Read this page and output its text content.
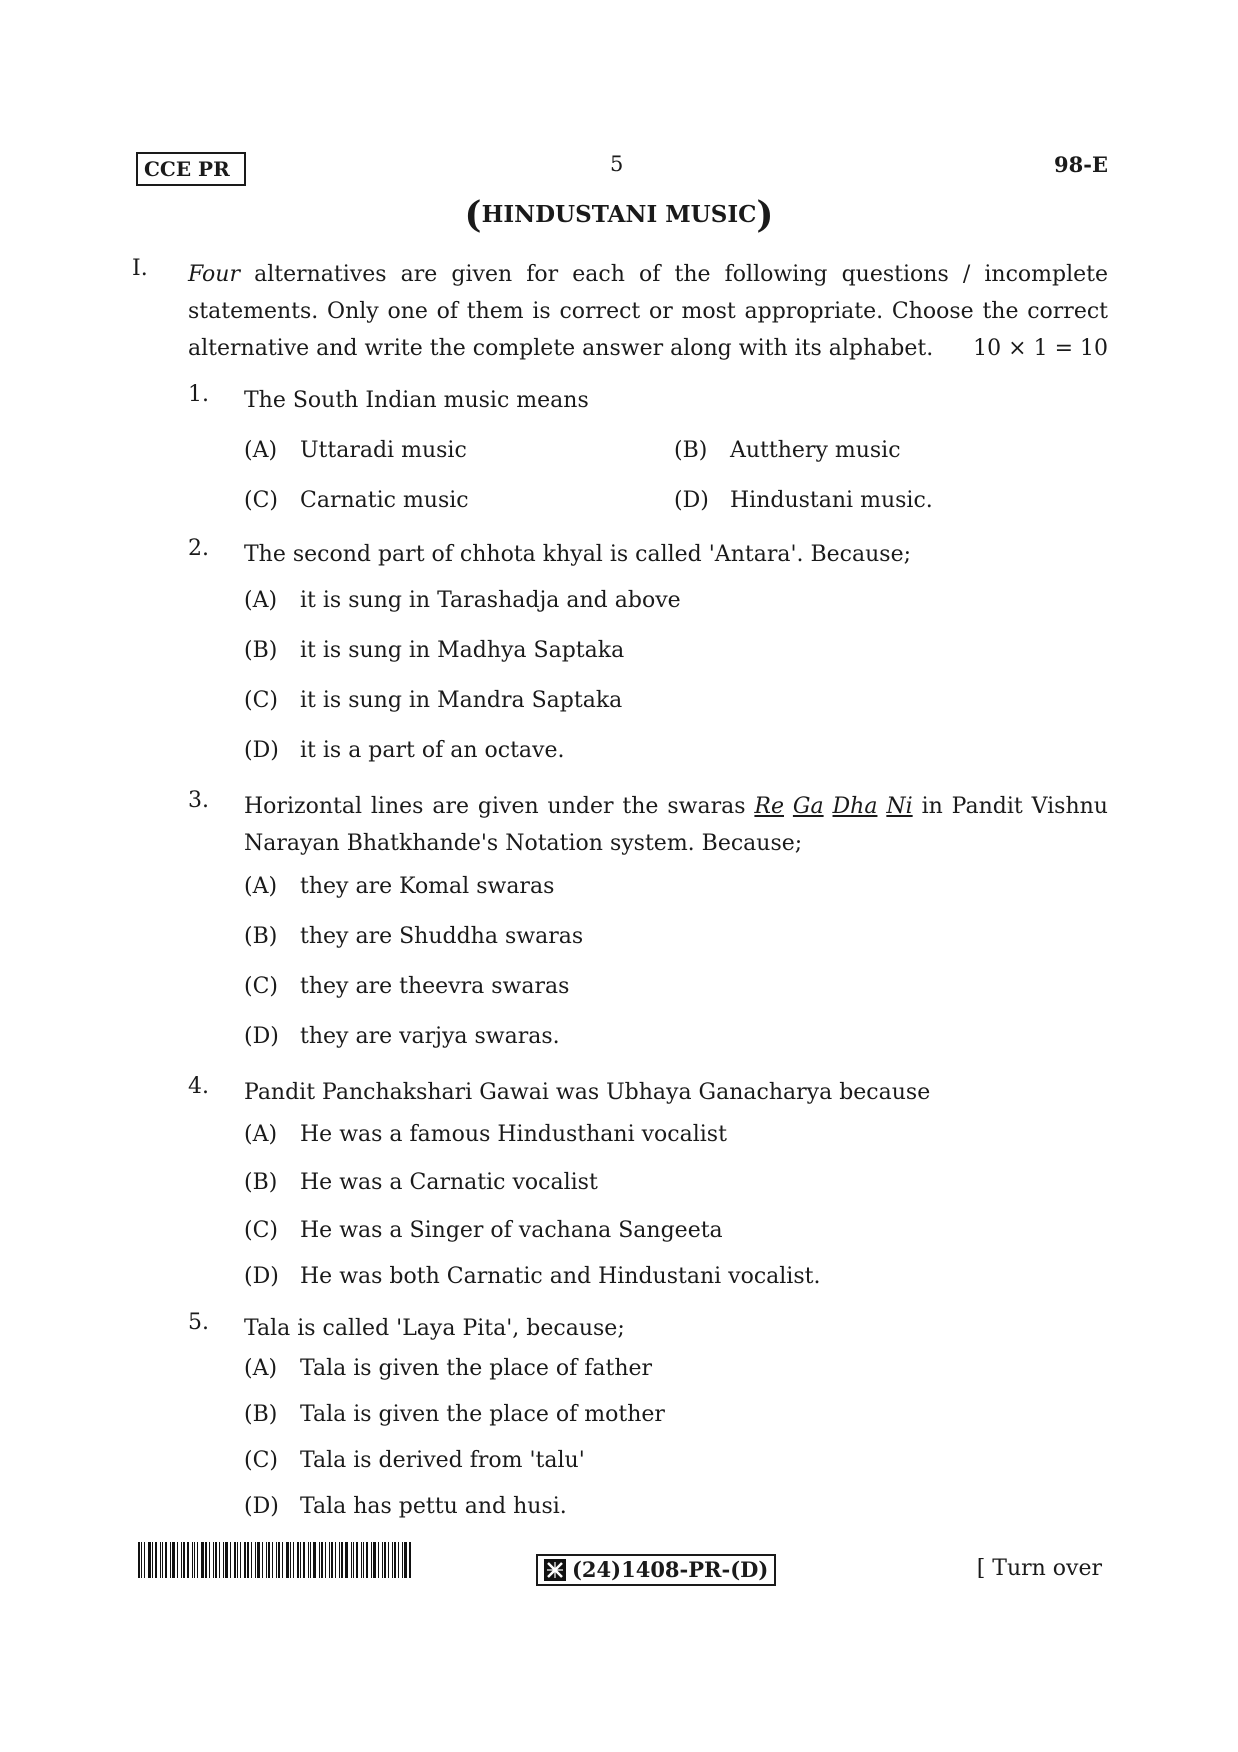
CCE PR	5	98-E
(HINDUSTANI MUSIC)
I. Four alternatives are given for each of the following questions / incomplete statements. Only one of them is correct or most appropriate. Choose the correct alternative and write the complete answer along with its alphabet. 10 × 1 = 10
1. The South Indian music means
(A) Uttaradi music	(B) Autthery music
(C) Carnatic music	(D) Hindustani music.
2. The second part of chhota khyal is called 'Antara'. Because;
(A) it is sung in Tarashadja and above
(B) it is sung in Madhya Saptaka
(C) it is sung in Mandra Saptaka
(D) it is a part of an octave.
3. Horizontal lines are given under the swaras Re Ga Dha Ni in Pandit Vishnu Narayan Bhatkhande's Notation system. Because;
(A) they are Komal swaras
(B) they are Shuddha swaras
(C) they are theevra swaras
(D) they are varjya swaras.
4. Pandit Panchakshari Gawai was Ubhaya Ganacharya because
(A) He was a famous Hindusthani vocalist
(B) He was a Carnatic vocalist
(C) He was a Singer of vachana Sangeeta
(D) He was both Carnatic and Hindustani vocalist.
5. Tala is called 'Laya Pita', because;
(A) Tala is given the place of father
(B) Tala is given the place of mother
(C) Tala is derived from 'talu'
(D) Tala has pettu and husi.
(24)1408-PR-(D)	[ Turn over
